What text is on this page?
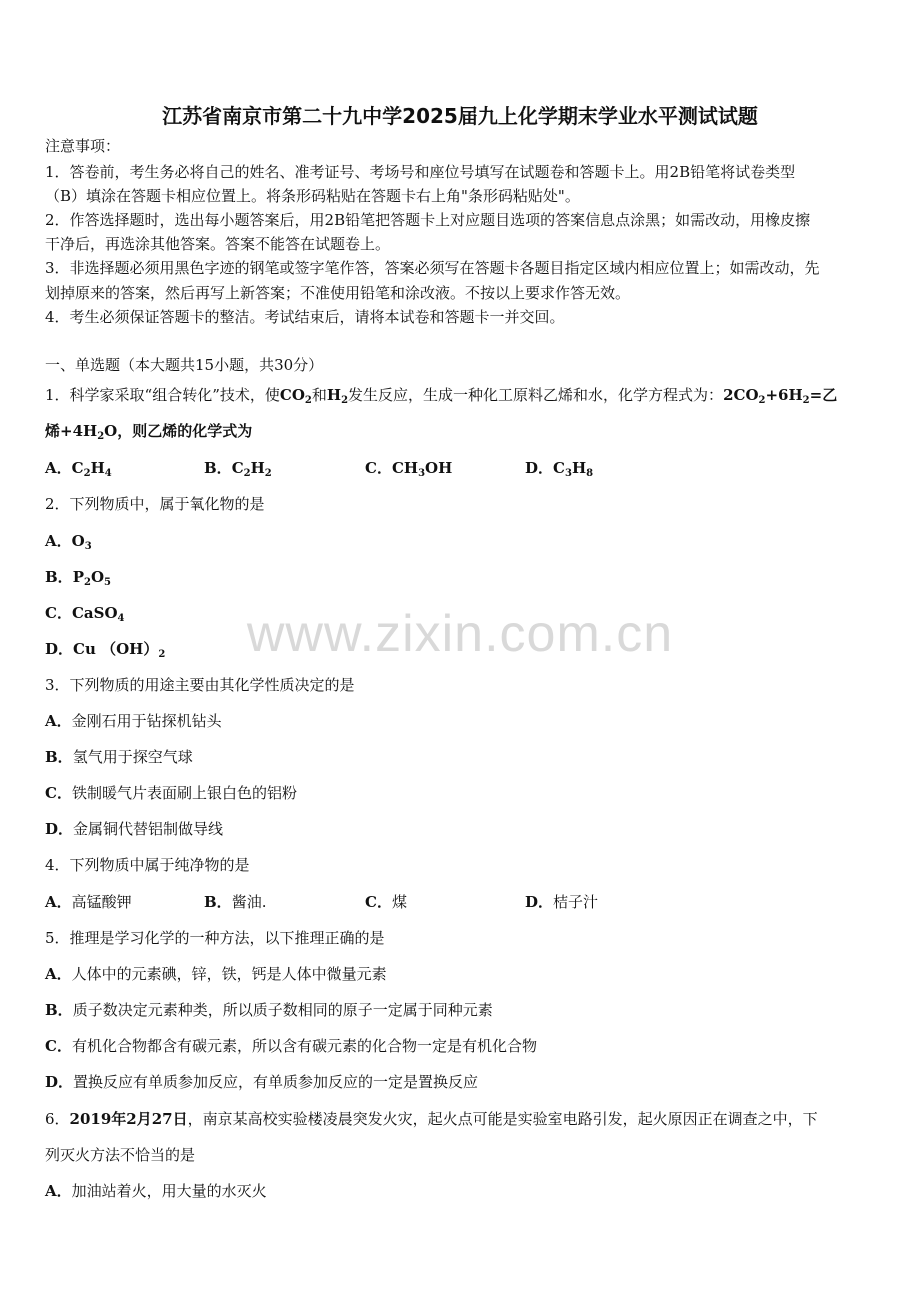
江苏省南京市第二十九中学2025届九上化学期末学业水平测试试题
注意事项：
1．答卷前，考生务必将自己的姓名、准考证号、考场号和座位号填写在试题卷和答题卡上。用2B铅笔将试卷类型
（B）填涂在答题卡相应位置上。将条形码粘贴在答题卡右上角"条形码粘贴处"。
2．作答选择题时，选出每小题答案后，用2B铅笔把答题卡上对应题目选项的答案信息点涂黑；如需改动，用橡皮擦
干净后，再选涂其他答案。答案不能答在试题卷上。
3．非选择题必须用黑色字迹的钢笔或签字笔作答，答案必须写在答题卡各题目指定区域内相应位置上；如需改动，先
划掉原来的答案，然后再写上新答案；不准使用铅笔和涂改液。不按以上要求作答无效。
4．考生必须保证答题卡的整洁。考试结束后，请将本试卷和答题卡一并交回。
一、单选题（本大题共15小题，共30分）
1．科学家采取“组合转化”技术，使$CO_2$和$H_2$发生反应，生成一种化工原料乙烯和水，化学方程式为：$2CO_2+6H_2=$乙
烯$+4H_2O$，则乙烯的化学式为
A．$C_2H_4$	B．$C_2H_2$	C．$CH_3OH$	D．$C_3H_8$
2．下列物质中，属于氧化物的是
A．$O_3$
B．$P_2O_5$
C．CaSO$_4$
D．Cu $(OH)_2$	www.zixin.com.cn
3．下列物质的用途主要由其化学性质决定的是
A．金刚石用于钻探机钻头
B．氢气用于探空气球
C．铁制暖气片表面刷上银白色的铝粉
D．金属铜代替铝制做导线
4．下列物质中属于纯净物的是
A．高锰酸钾	B．酱油.	C．煤	D．桔子汁
5．推理是学习化学的一种方法，以下推理正确的是
A．人体中的元素碘，锌，铁，钙是人体中微量元素
B．质子数决定元素种类，所以质子数相同的原子一定属于同种元素
C．有机化合物都含有碳元素，所以含有碳元素的化合物一定是有机化合物
D．置换反应有单质参加反应，有单质参加反应的一定是置换反应
6．2019年2月27日，南京某高校实验楼凌晨突发火灾，起火点可能是实验室电路引发，起火原因正在调查之中，下
列灭火方法不恰当的是
A．加油站着火，用大量的水灭火
